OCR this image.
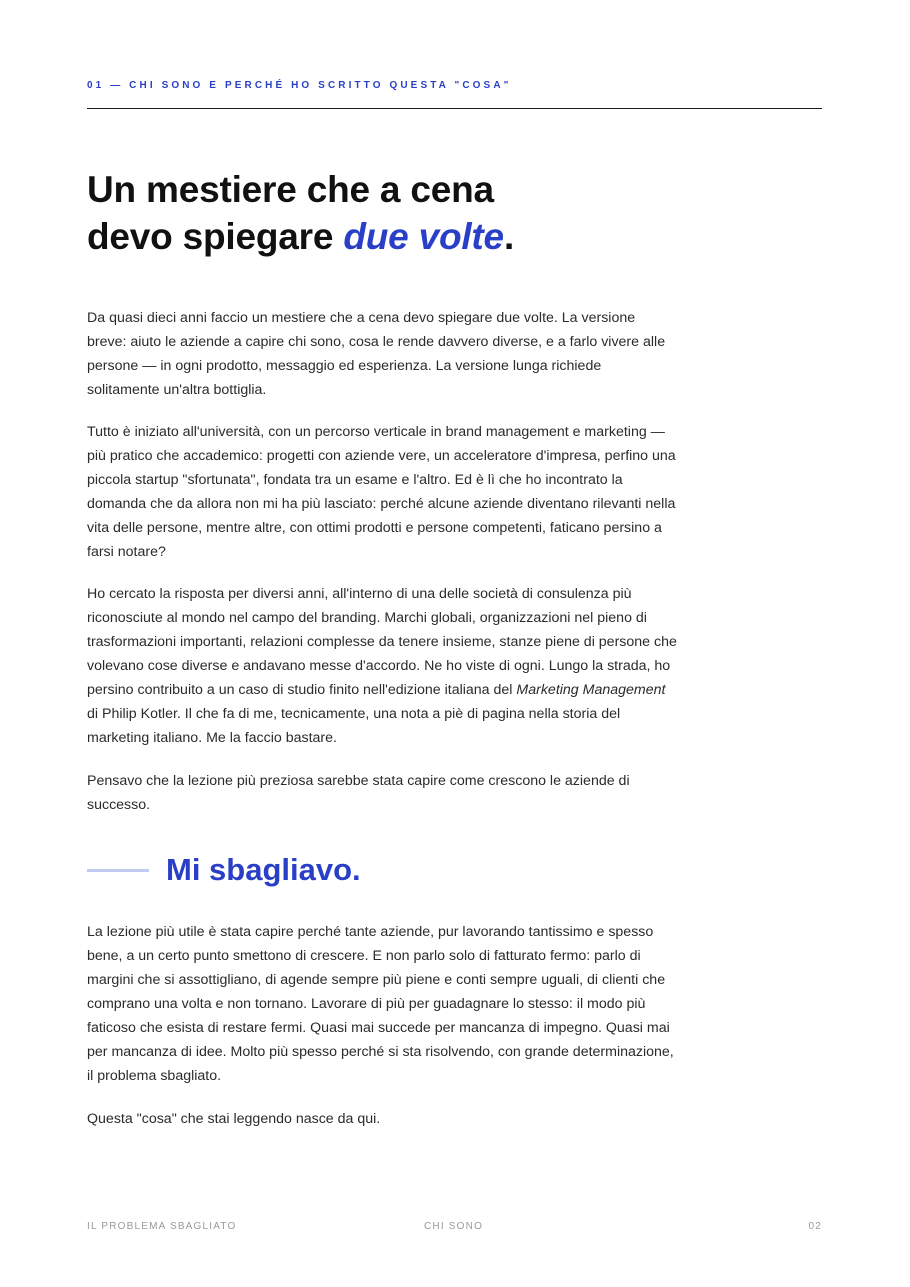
01 — CHI SONO E PERCHÉ HO SCRITTO QUESTA "COSA"
Un mestiere che a cena
devo spiegare due volte.

Da quasi dieci anni faccio un mestiere che a cena devo spiegare due volte. La versione breve: aiuto le aziende a capire chi sono, cosa le rende davvero diverse, e a farlo vivere alle persone — in ogni prodotto, messaggio ed esperienza. La versione lunga richiede solitamente un'altra bottiglia.

Tutto è iniziato all'università, con un percorso verticale in brand management e marketing — più pratico che accademico: progetti con aziende vere, un acceleratore d'impresa, perfino una piccola startup "sfortunata", fondata tra un esame e l'altro. Ed è lì che ho incontrato la domanda che da allora non mi ha più lasciato: perché alcune aziende diventano rilevanti nella vita delle persone, mentre altre, con ottimi prodotti e persone competenti, faticano persino a farsi notare?

Ho cercato la risposta per diversi anni, all'interno di una delle società di consulenza più riconosciute al mondo nel campo del branding. Marchi globali, organizzazioni nel pieno di trasformazioni importanti, relazioni complesse da tenere insieme, stanze piene di persone che volevano cose diverse e andavano messe d'accordo. Ne ho viste di ogni. Lungo la strada, ho persino contribuito a un caso di studio finito nell'edizione italiana del Marketing Management di Philip Kotler. Il che fa di me, tecnicamente, una nota a piè di pagina nella storia del marketing italiano. Me la faccio bastare.

Pensavo che la lezione più preziosa sarebbe stata capire come crescono le aziende di successo.

Mi sbagliavo.

La lezione più utile è stata capire perché tante aziende, pur lavorando tantissimo e spesso bene, a un certo punto smettono di crescere. E non parlo solo di fatturato fermo: parlo di margini che si assottigliano, di agende sempre più piene e conti sempre uguali, di clienti che comprano una volta e non tornano. Lavorare di più per guadagnare lo stesso: il modo più faticoso che esista di restare fermi. Quasi mai succede per mancanza di impegno. Quasi mai per mancanza di idee. Molto più spesso perché si sta risolvendo, con grande determinazione, il problema sbagliato.

Questa "cosa" che stai leggendo nasce da qui.

IL PROBLEMA SBAGLIATO	CHI SONO	02
